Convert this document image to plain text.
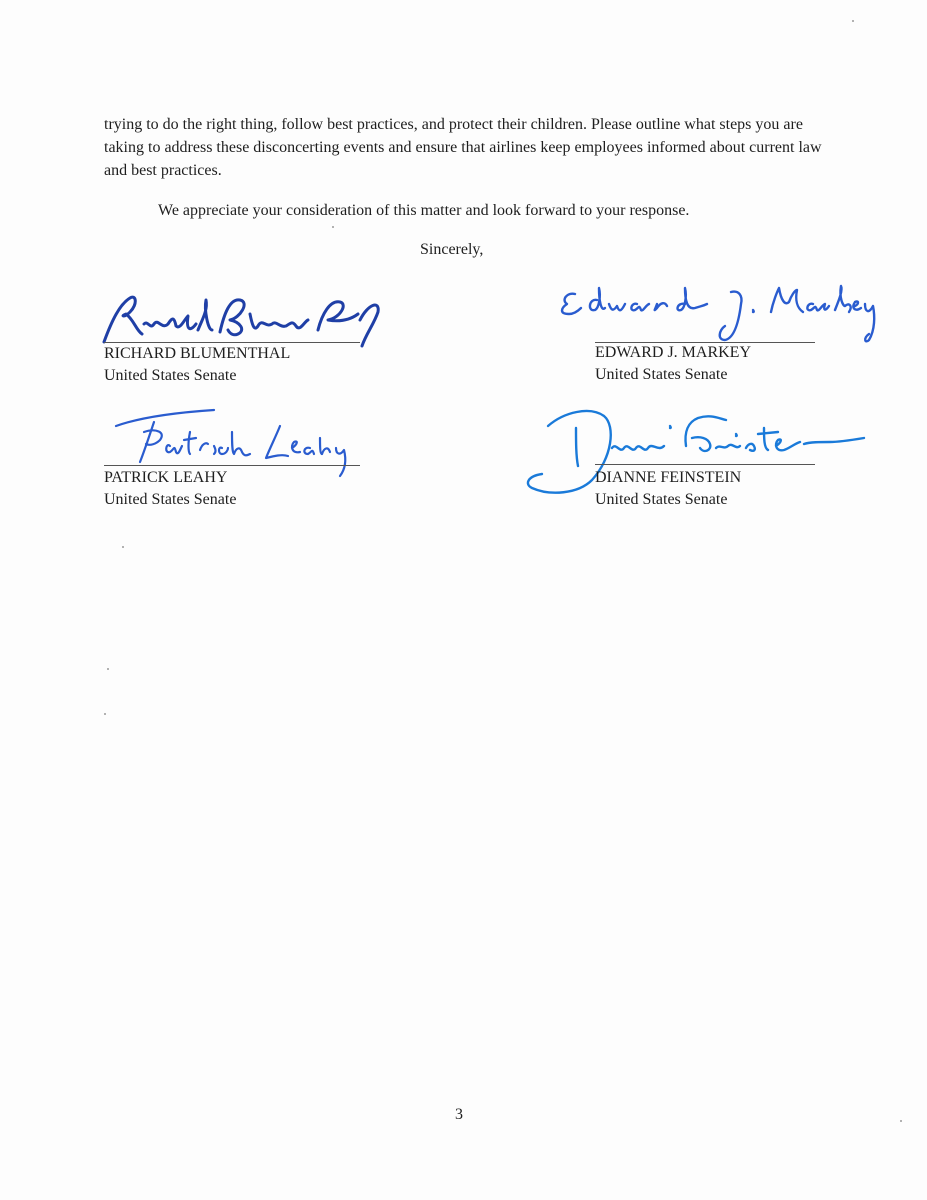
trying to do the right thing, follow best practices, and protect their children. Please outline what steps you are taking to address these disconcerting events and ensure that airlines keep employees informed about current law and best practices.

We appreciate your consideration of this matter and look forward to your response.

Sincerely,
RICHARD BLUMENTHAL
United States Senate
EDWARD J. MARKEY
United States Senate
PATRICK LEAHY
United States Senate
DIANNE FEINSTEIN
United States Senate
3
